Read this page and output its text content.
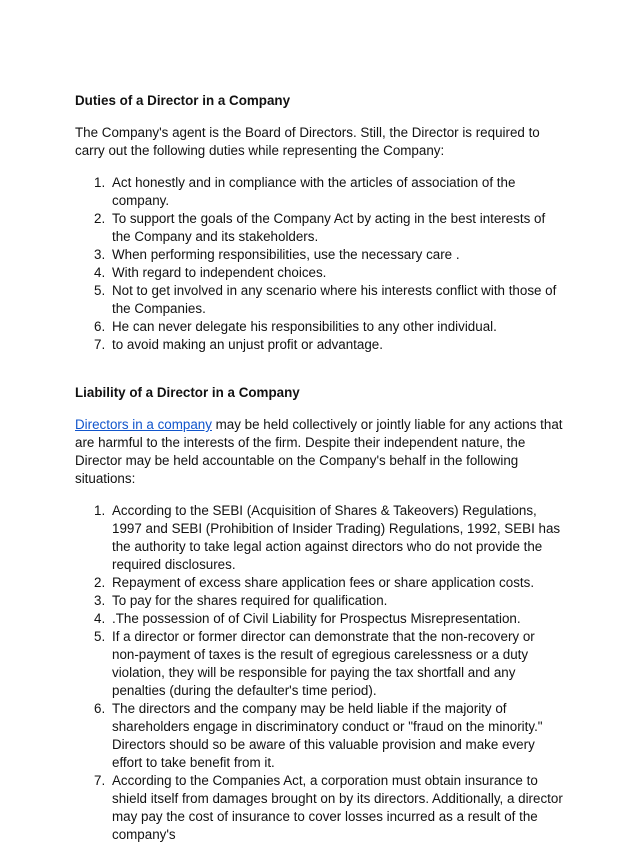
Duties of a Director in a Company

The Company's agent is the Board of Directors. Still, the Director is required to carry out the following duties while representing the Company:

1. Act honestly and in compliance with the articles of association of the company.
2. To support the goals of the Company Act by acting in the best interests of the Company and its stakeholders.
3. When performing responsibilities, use the necessary care .
4. With regard to independent choices.
5. Not to get involved in any scenario where his interests conflict with those of the Companies.
6. He can never delegate his responsibilities to any other individual.
7. to avoid making an unjust profit or advantage.
Liability of a Director in a Company

Directors in a company may be held collectively or jointly liable for any actions that are harmful to the interests of the firm. Despite their independent nature, the Director may be held accountable on the Company's behalf in the following situations:

1. According to the SEBI (Acquisition of Shares & Takeovers) Regulations, 1997 and SEBI (Prohibition of Insider Trading) Regulations, 1992, SEBI has the authority to take legal action against directors who do not provide the required disclosures.
2. Repayment of excess share application fees or share application costs.
3. To pay for the shares required for qualification.
4. .The possession of of Civil Liability for Prospectus Misrepresentation.
5. If a director or former director can demonstrate that the non-recovery or non-payment of taxes is the result of egregious carelessness or a duty violation, they will be responsible for paying the tax shortfall and any penalties (during the defaulter's time period).
6. The directors and the company may be held liable if the majority of shareholders engage in discriminatory conduct or "fraud on the minority." Directors should so be aware of this valuable provision and make every effort to take benefit from it.
7. According to the Companies Act, a corporation must obtain insurance to shield itself from damages brought on by its directors. Additionally, a director may pay the cost of insurance to cover losses incurred as a result of the company's
